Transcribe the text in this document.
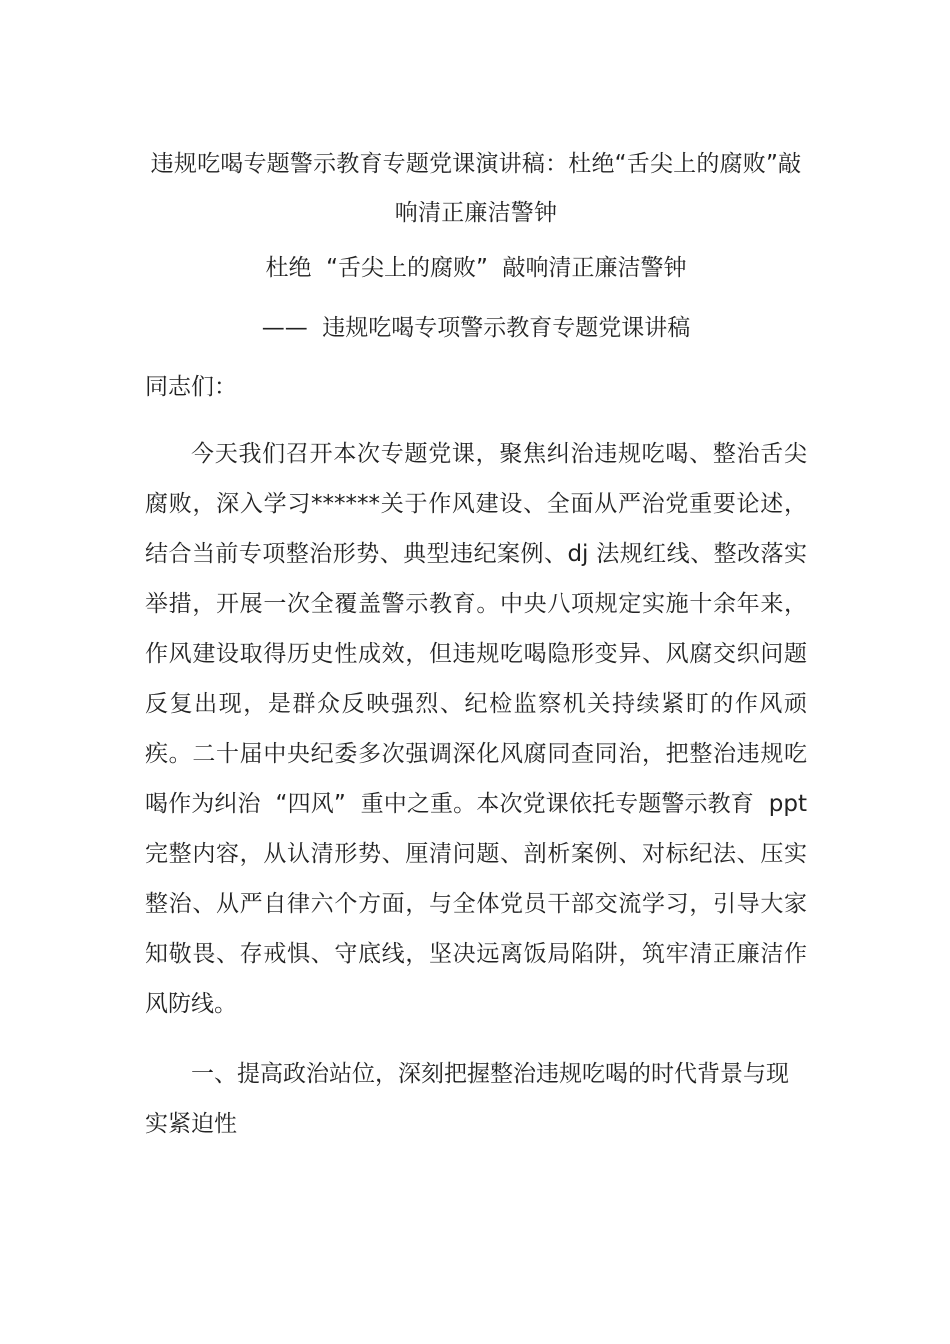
违规吃喝专题警示教育专题党课演讲稿：杜绝“舌尖上的腐败”敲响清正廉洁警钟
杜绝  “舌尖上的腐败”  敲响清正廉洁警钟
——  违规吃喝专项警示教育专题党课讲稿
同志们：

今天我们召开本次专题党课，聚焦纠治违规吃喝、整治舌尖腐败，深入学习******关于作风建设、全面从严治党重要论述，结合当前专项整治形势、典型违纪案例、dj 法规红线、整改落实举措，开展一次全覆盖警示教育。中央八项规定实施十余年来，作风建设取得历史性成效，但违规吃喝隐形变异、风腐交织问题反复出现，是群众反映强烈、纪检监察机关持续紧盯的作风顽疾。二十届中央纪委多次强调深化风腐同查同治，把整治违规吃喝作为纠治  “四风”  重中之重。本次党课依托专题警示教育  ppt  完整内容，从认清形势、厘清问题、剖析案例、对标纪法、压实整治、从严自律六个方面，与全体党员干部交流学习，引导大家知敬畏、存戒惧、守底线，坚决远离饭局陷阱，筑牢清正廉洁作风防线。

一、提高政治站位，深刻把握整治违规吃喝的时代背景与现实紧迫性
